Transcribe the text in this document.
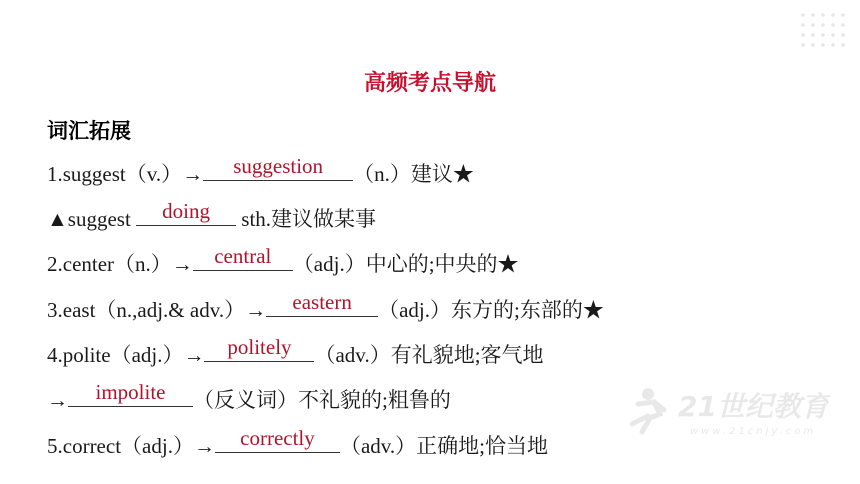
高频考点导航
词汇拓展
1.suggest（v.）→	suggestion	（n.）建议★
▲suggest	doing	sth.建议做某事
2.center（n.）→	central	（adj.）中心的;中央的★
3.east（n.,adj.& adv.）→	eastern	（adj.）东方的;东部的★
4.polite（adj.）→	politely	（adv.）有礼貌地;客气地
→	impolite	（反义词）不礼貌的;粗鲁的
5.correct（adj.）→	correctly	（adv.）正确地;恰当地
21世纪教育
www.21cnjy.com
